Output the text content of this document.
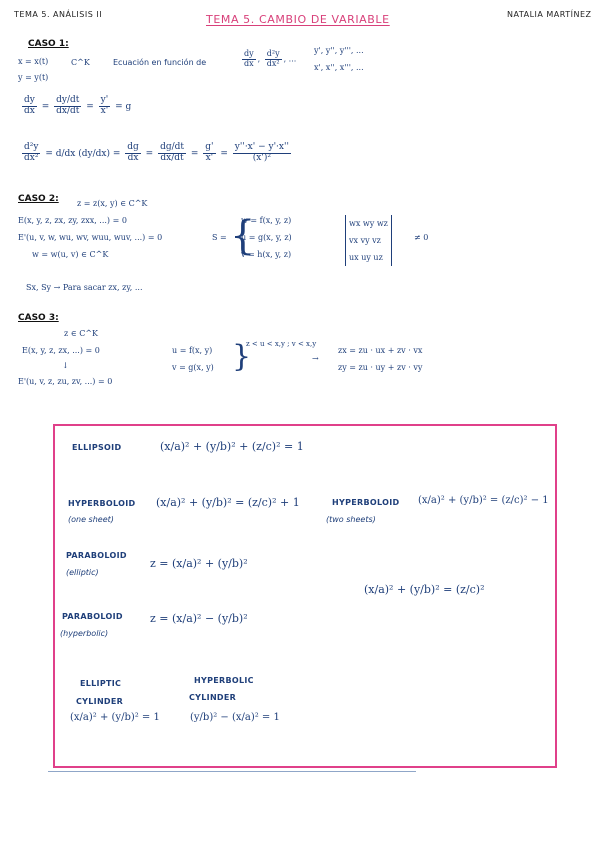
TEMA 5. ANÁLISIS II	TEMA 5. CAMBIO DE VARIABLE	NATALIA MARTÍNEZ
CASO 1:
x = x(t)
y = y(t)
C^K	Ecuación en función de	$\frac{dy}{dx}$ , $\frac{\text{d²y}}{\text{dx²}}$ , ...
y', y'', y''', ...
x', x'', x''', ...
$\frac{dy}{dx} = \frac{dy/dt}{dx/dt} = \frac{y'}{x'} = g$
$\frac{\text{d²y}}{\text{dx²}} = d/dx$ $(dy/dx) = \frac{dg}{dx} = \frac{dg/dt}{dx/dt} = \frac{g'}{x'} = \frac{y''\cdot x' - y'\cdot x''}{\text{(x')²}}$
CASO 2: z = z(x, y) ∈ C^K
E(x, y, z, zx, zy, zxx, ...) = 0
E'(u, v, w, wu, wv, wuu, wuv, ...) = 0
w = w(u, v) ∈ C^K
S = {
w = f(x, y, z)
u = g(x, y, z)
v = h(x, y, z)
wx wy wz
vx vy vz
ux uy uz
≠ 0
Sx, Sy → Para sacar zx, zy, ...
CASO 3:
z ∈ C^K
E(x, y, z, zx, ...) = 0
↓
E'(u, v, z, zu, zv, ...) = 0
u = f(x, y)
v = g(x, y) }
z < u < x,y ; v < x,y
→
zx = zu · ux + zv · vx
zy = zu · uy + zv · vy
ELLIPSOID	(x/a)² + (y/b)² + (z/c)² = 1
HYPERBOLOID
(one sheet)
(x/a)² + (y/b)² = (z/c)² + 1	HYPERBOLOID
(two sheets)
(x/a)² + (y/b)² = (z/c)² − 1
PARABOLOID
(elliptic)
z = (x/a)² + (y/b)²
PARABOLOID
(hyperbolic)
z = (x/a)² − (y/b)²
(x/a)² + (y/b)² = (z/c)²
ELLIPTIC
CYLINDER
(x/a)² + (y/b)² = 1
HYPERBOLIC
CYLINDER
(y/b)² − (x/a)² = 1
